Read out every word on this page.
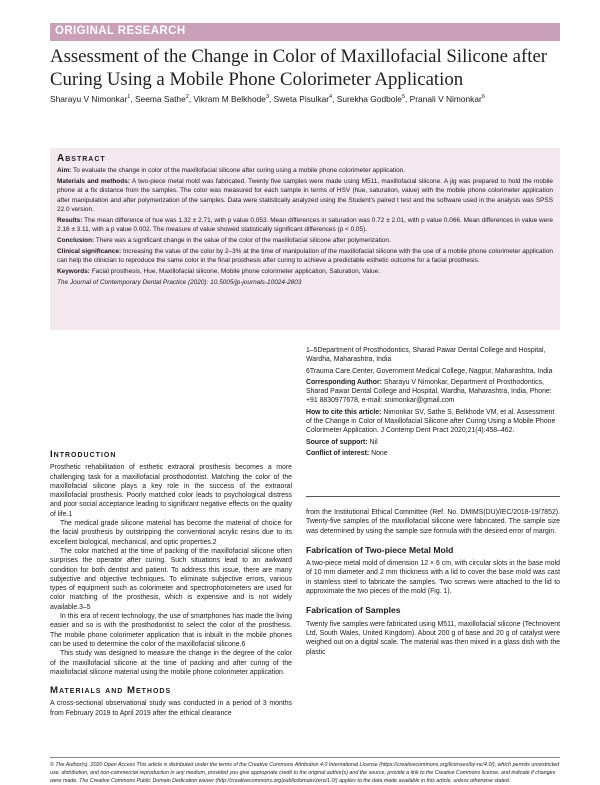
ORIGINAL RESEARCH
Assessment of the Change in Color of Maxillofacial Silicone after Curing Using a Mobile Phone Colorimeter Application
Sharayu V Nimonkar$^1$, Seema Sathe$^2$, Vikram M Belkhode$^3$, Sweta Pisulkar$^4$, Surekha Godbole$^5$, Pranali V Nimonkar$^6$
Abstract

Aim: To evaluate the change in color of the maxillofacial silicone after curing using a mobile phone colorimeter application.

Materials and methods: A two-piece metal mold was fabricated. Twenty five samples were made using M511, maxillofacial silicone. A jig was prepared to hold the mobile phone at a fix distance from the samples. The color was measured for each sample in terms of HSV (hue, saturation, value) with the mobile phone colorimeter application after manipulation and after polymerization of the samples. Data were statistically analyzed using the Student's paired t test and the software used in the analysis was SPSS 22.0 version.

Results: The mean difference of hue was 1.32 ± 2.71, with p value 0.053. Mean differences in saturation was 0.72 ± 2.01, with p value 0.066. Mean differences in value were 2.16 ± 3.11, with a p value 0.002. The measure of value showed statistically significant differences (p < 0.05).

Conclusion: There was a significant change in the value of the color of the maxillofacial silicone after polymerization.

Clinical significance: Increasing the value of the color by 2–3% at the time of manipulation of the maxillofacial silicone with the use of a mobile phone colorimeter application can help the clinician to reproduce the same color in the final prosthesis after curing to achieve a predictable esthetic outcome for a facial prosthesis.

Keywords: Facial prosthesis, Hue, Maxillofacial silicone, Mobile phone colorimeter application, Saturation, Value.

The Journal of Contemporary Dental Practice (2020): 10.5005/jp-journals-10024-2803

Introduction

Prosthetic rehabilitation of esthetic extraoral prosthesis becomes a more challenging task for a maxillofacial prosthodontist. Matching the color of the maxillofacial silicone plays a key role in the success of the extraoral maxillofacial prosthesis. Poorly matched color leads to psychological distress and poor social acceptance leading to significant negative effects on the quality of life.1

The medical grade silicone material has become the material of choice for the facial prosthesis by outstripping the conventional acrylic resins due to its excellent biological, mechanical, and optic properties.2

The color matched at the time of packing of the maxillofacial silicone often surprises the operator after curing. Such situations lead to an awkward condition for both dentist and patient. To address this issue, there are many subjective and objective techniques. To eliminate subjective errors, various types of equipment such as colorimeter and spectrophotometers are used for color matching of the prosthesis, which is expensive and is not widely available.3–5

In this era of recent technology, the use of smartphones has made the living easier and so is with the prosthodontist to select the color of the prosthesis. The mobile phone colorimeter application that is inbuilt in the mobile phones can be used to determine the color of the maxillofacial silicone.6

This study was designed to measure the change in the degree of the color of the maxillofacial silicone at the time of packing and after curing of the maxillofacial silicone material using the mobile phone colorimeter application.

Materials and Methods

A cross-sectional observational study was conducted in a period of 3 months from February 2019 to April 2019 after the ethical clearance

1–5Department of Prosthodontics, Sharad Pawar Dental College and Hospital, Wardha, Maharashtra, India

6Trauma Care Center, Government Medical College, Nagpur, Maharashtra, India

Corresponding Author: Sharayu V Nimonkar, Department of Prosthodontics, Sharad Pawar Dental College and Hospital, Wardha, Maharashtra, India, Phone: +91 8830977678, e-mail: snimonkar@gmail.com

How to cite this article: Nimonkar SV, Sathe S, Belkhode VM, et al. Assessment of the Change in Color of Maxillofacial Silicone after Curing Using a Mobile Phone Colorimeter Application. J Contemp Dent Pract 2020;21(4):458–462.

Source of support: Nil

Conflict of interest: None

from the Institutional Ethical Committee (Ref. No. DMIMS(DU)/IEC/2018-19/7852). Twenty-five samples of the maxillofacial silicone were fabricated. The sample size was determined by using the sample size formula with the desired error of margin.

Fabrication of Two-piece Metal Mold

A two-piece metal mold of dimension 12 × 6 cm, with circular slots in the base mold of 10 mm diameter and 2 mm thickness with a lid to cover the base mold was cast in stainless steel to fabricate the samples. Two screws were attached to the lid to approximate the two pieces of the mold (Fig. 1).

Fabrication of Samples

Twenty five samples were fabricated using M511, maxillofacial silicone (Technovent Ltd, South Wales, United Kingdom). About 200 g of base and 20 g of catalyst were weighed out on a digital scale. The material was then mixed in a glass dish with the plastic

© The Author(s). 2020 Open Access This article is distributed under the terms of the Creative Commons Attribution 4.0 International License (https://creativecommons.org/licenses/by-nc/4.0/), which permits unrestricted use, distribution, and non-commercial reproduction in any medium, provided you give appropriate credit to the original author(s) and the source, provide a link to the Creative Commons license, and indicate if changes were made. The Creative Commons Public Domain Dedication waiver (http://creativecommons.org/publicdomain/zero/1.0/) applies to the data made available in this article, unless otherwise stated.
